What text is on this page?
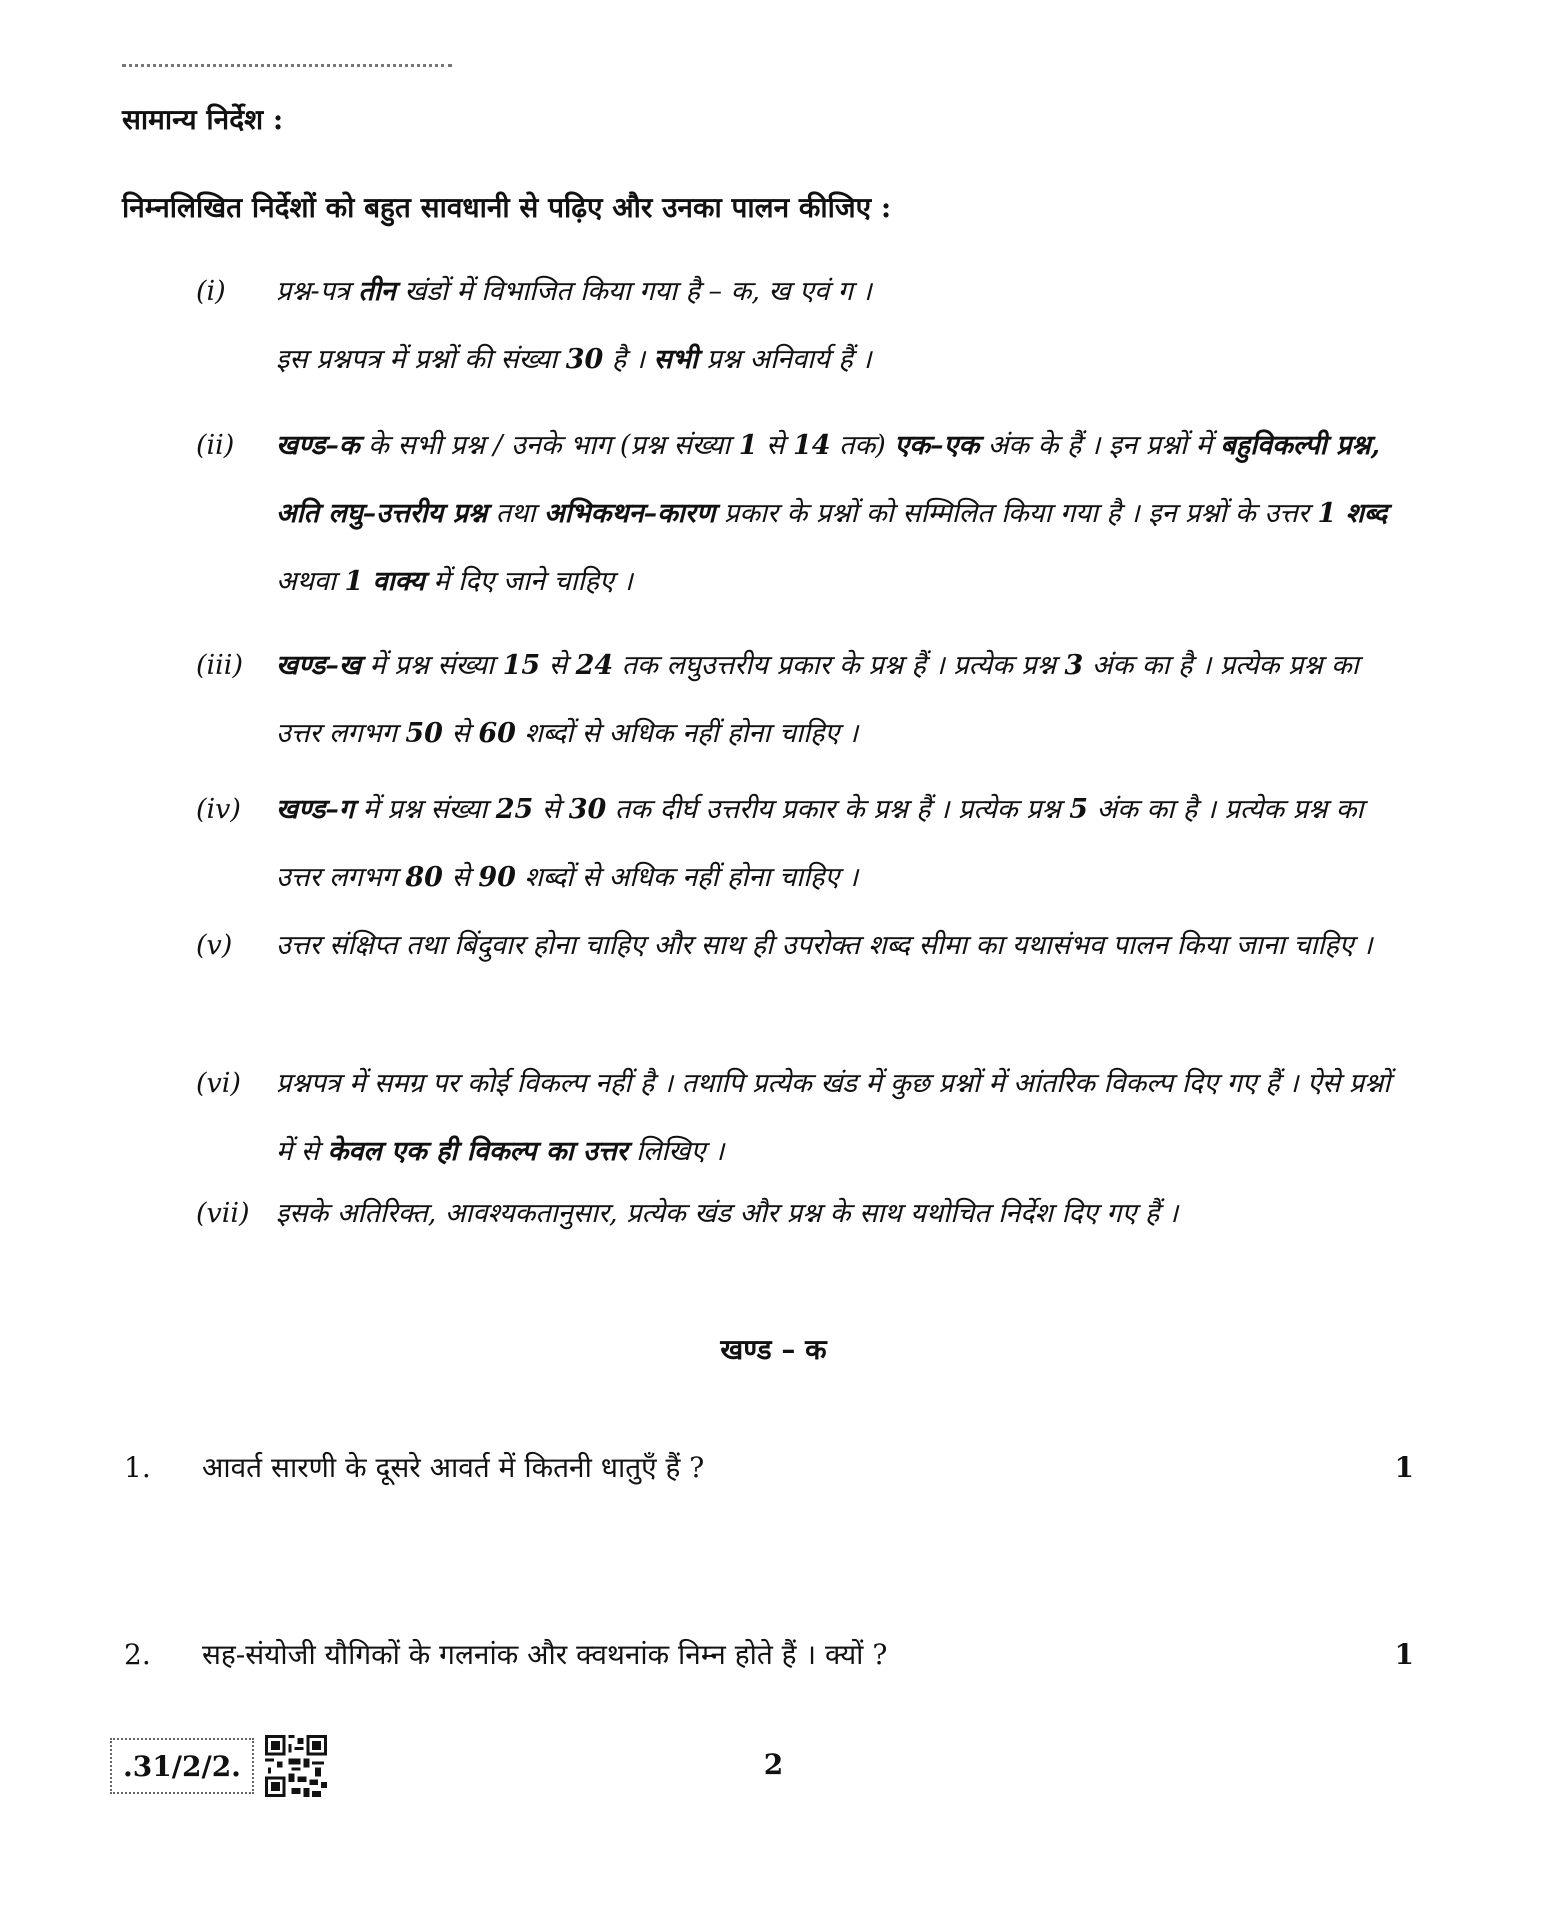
सामान्य निर्देश :
निम्नलिखित निर्देशों को बहुत सावधानी से पढ़िए और उनका पालन कीजिए :
(i) प्रश्न-पत्र तीन खंडों में विभाजित किया गया है – क, ख एवं ग ।

इस प्रश्नपत्र में प्रश्नों की संख्या 30 है । सभी प्रश्न अनिवार्य हैं ।

(ii) खण्ड–क के सभी प्रश्न / उनके भाग (प्रश्न संख्या 1 से 14 तक) एक–एक अंक के हैं । इन प्रश्नों में बहुविकल्पी प्रश्न, अति लघु–उत्तरीय प्रश्न तथा अभिकथन–कारण प्रकार के प्रश्नों को सम्मिलित किया गया है । इन प्रश्नों के उत्तर 1 शब्द अथवा 1 वाक्य में दिए जाने चाहिए ।

(iii) खण्ड–ख में प्रश्न संख्या 15 से 24 तक लघुउत्तरीय प्रकार के प्रश्न हैं । प्रत्येक प्रश्न 3 अंक का है । प्रत्येक प्रश्न का उत्तर लगभग 50 से 60 शब्दों से अधिक नहीं होना चाहिए ।

(iv) खण्ड–ग में प्रश्न संख्या 25 से 30 तक दीर्घ उत्तरीय प्रकार के प्रश्न हैं । प्रत्येक प्रश्न 5 अंक का है । प्रत्येक प्रश्न का उत्तर लगभग 80 से 90 शब्दों से अधिक नहीं होना चाहिए ।

(v) उत्तर संक्षिप्त तथा बिंदुवार होना चाहिए और साथ ही उपरोक्त शब्द सीमा का यथासंभव पालन किया जाना चाहिए ।

(vi) प्रश्नपत्र में समग्र पर कोई विकल्प नहीं है । तथापि प्रत्येक खंड में कुछ प्रश्नों में आंतरिक विकल्प दिए गए हैं । ऐसे प्रश्नों में से केवल एक ही विकल्प का उत्तर लिखिए ।

(vii) इसके अतिरिक्त, आवश्यकतानुसार, प्रत्येक खंड और प्रश्न के साथ यथोचित निर्देश दिए गए हैं ।

खण्ड – क
1. आवर्त सारणी के दूसरे आवर्त में कितनी धातुएँ हैं ?	1
2. सह-संयोजी यौगिकों के गलनांक और क्वथनांक निम्न होते हैं । क्यों ?	1
.31/2/2.	2
